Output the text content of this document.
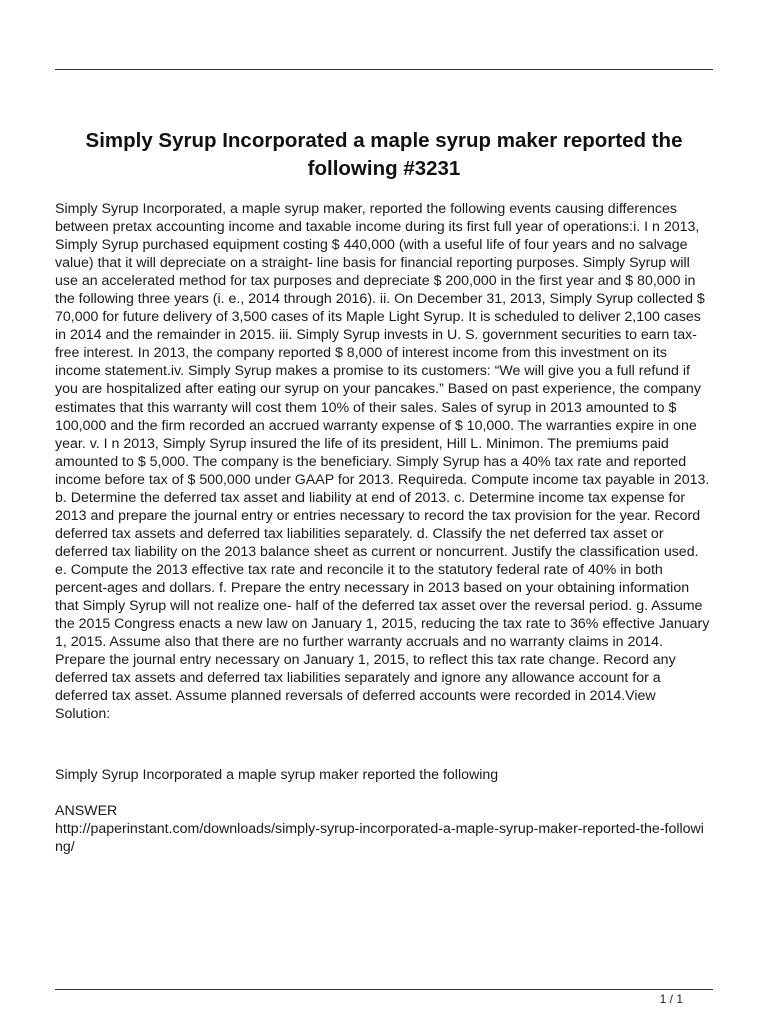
Simply Syrup Incorporated a maple syrup maker reported the following #3231

Simply Syrup Incorporated, a maple syrup maker, reported the following events causing differences between pretax accounting income and taxable income during its first full year of operations:i. I n 2013, Simply Syrup purchased equipment costing $ 440,000 (with a useful life of four years and no salvage value) that it will depreciate on a straight- line basis for financial reporting purposes. Simply Syrup will use an accelerated method for tax purposes and depreciate $ 200,000 in the first year and $ 80,000 in the following three years (i. e., 2014 through 2016). ii. On December 31, 2013, Simply Syrup collected $ 70,000 for future delivery of 3,500 cases of its Maple Light Syrup. It is scheduled to deliver 2,100 cases in 2014 and the remainder in 2015. iii. Simply Syrup invests in U. S. government securities to earn tax- free interest. In 2013, the company reported $ 8,000 of interest income from this investment on its income statement.iv. Simply Syrup makes a promise to its customers: “We will give you a full refund if you are hospitalized after eating our syrup on your pancakes.” Based on past experience, the company estimates that this warranty will cost them 10% of their sales. Sales of syrup in 2013 amounted to $ 100,000 and the firm recorded an accrued warranty expense of $ 10,000. The warranties expire in one year. v. I n 2013, Simply Syrup insured the life of its president, Hill L. Minimon. The premiums paid amounted to $ 5,000. The company is the beneficiary. Simply Syrup has a 40% tax rate and reported income before tax of $ 500,000 under GAAP for 2013. Requireda. Compute income tax payable in 2013. b. Determine the deferred tax asset and liability at end of 2013. c. Determine income tax expense for 2013 and prepare the journal entry or entries necessary to record the tax provision for the year. Record deferred tax assets and deferred tax liabilities separately. d. Classify the net deferred tax asset or deferred tax liability on the 2013 balance sheet as current or noncurrent. Justify the classification used. e. Compute the 2013 effective tax rate and reconcile it to the statutory federal rate of 40% in both percent-ages and dollars. f. Prepare the entry necessary in 2013 based on your obtaining information that Simply Syrup will not realize one- half of the deferred tax asset over the reversal period. g. Assume the 2015 Congress enacts a new law on January 1, 2015, reducing the tax rate to 36% effective January 1, 2015. Assume also that there are no further warranty accruals and no warranty claims in 2014. Prepare the journal entry necessary on January 1, 2015, to reflect this tax rate change. Record any deferred tax assets and deferred tax liabilities separately and ignore any allowance account for a deferred tax asset. Assume planned reversals of deferred accounts were recorded in 2014.View Solution:

Simply Syrup Incorporated a maple syrup maker reported the following

ANSWER

http://paperinstant.com/downloads/simply-syrup-incorporated-a-maple-syrup-maker-reported-the-following/

1 / 1
